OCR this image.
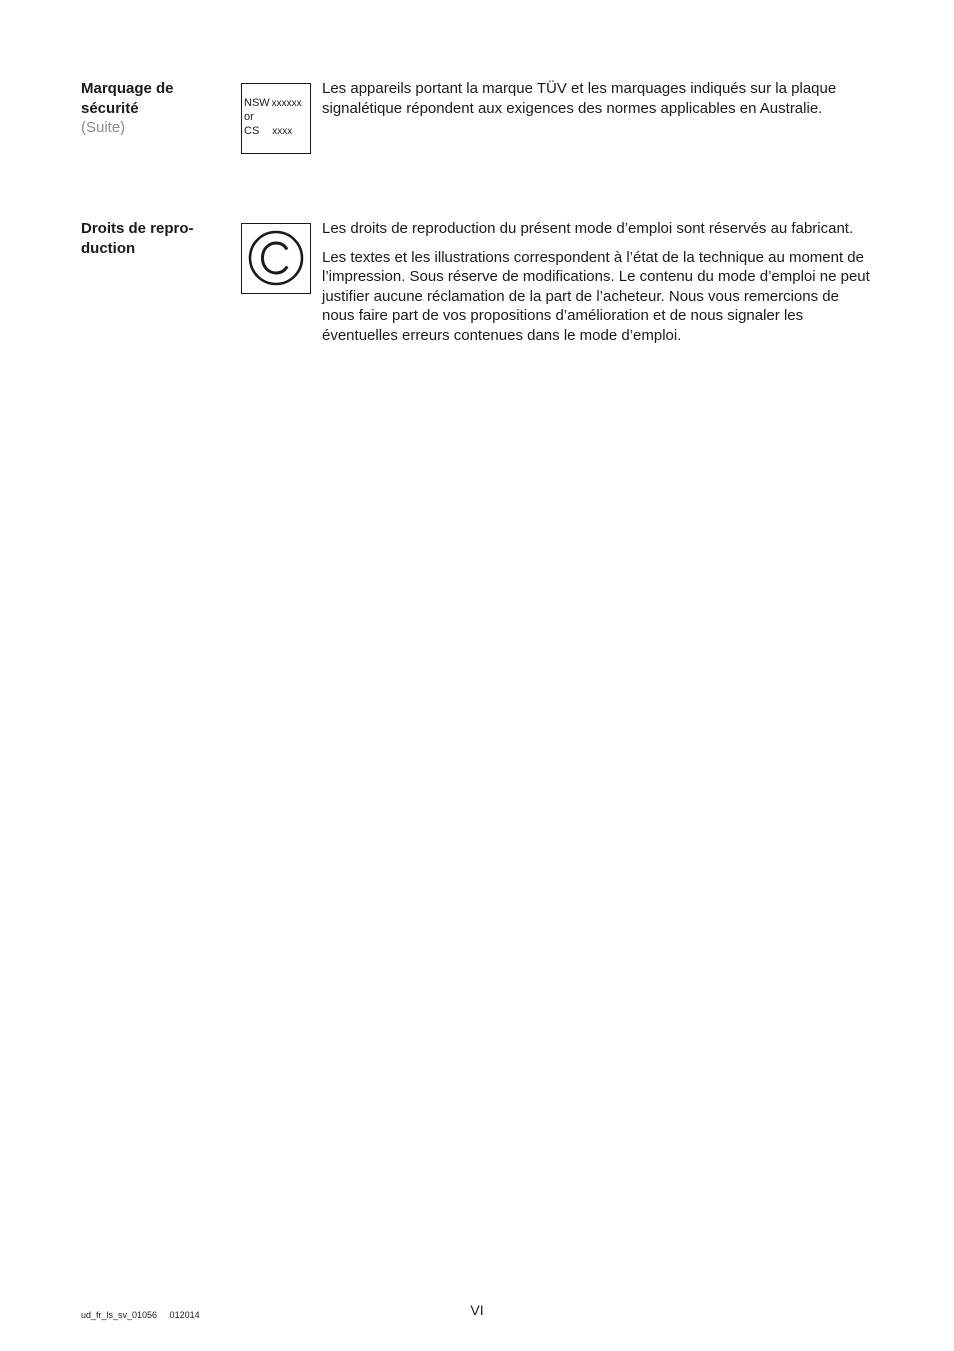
Marquage de
sécurité
(Suite)
NSW xxxxxx
or
CS xxxx

Les appareils portant la marque TÜV et les marquages indiqués sur la plaque signalétique répondent aux exigences des normes applicables en Australie.

Droits de repro-
duction

Les droits de reproduction du présent mode d’emploi sont réservés au fabricant.

Les textes et les illustrations correspondent à l’état de la technique au moment de l’impression. Sous réserve de modifications. Le contenu du mode d’emploi ne peut justifier aucune réclamation de la part de l’acheteur. Nous vous remercions de nous faire part de vos propositions d’amélioration et de nous signaler les éventuelles erreurs contenues dans le mode d’emploi.

ud_fr_ls_sv_01056     012014	VI
